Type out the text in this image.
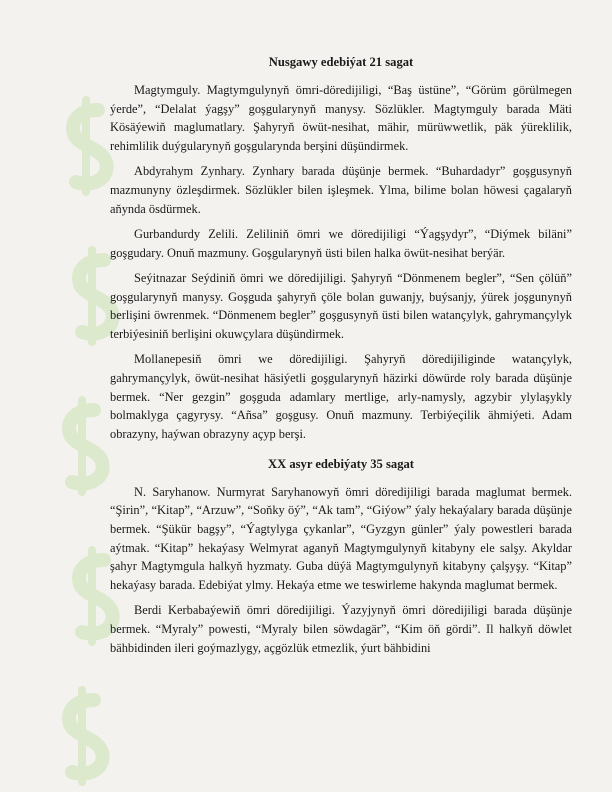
Nusgawy edebiýat 21 sagat

Magtymguly. Magtymgulynyň ömri-döredijiligi, “Baş üstüne”, “Görüm görülmegen ýerde”, “Delalat ýagşy” goşgularynyň manysy. Sözlükler. Magtymguly barada Mäti Kösäýewiň maglumatlary. Şahyryň öwüt-nesihat, mähir, mürüwwetlik, päk ýüreklilik, rehimlilik duýgularynyň goşgularynda berşini düşündirmek.

Abdyrahym Zynhary. Zynhary barada düşünje bermek. “Buhardadyr” goşgusynyň mazmunyny özleşdirmek. Sözlükler bilen işleşmek. Ylma, bilime bolan höwesi çagalaryň aňynda ösdürmek.

Gurbandurdy Zelili. Zeliliniň ömri we döredijiligi “Ýagşydyr”, “Diýmek biläni” goşgudary. Onuň mazmuny. Goşgularynyň üsti bilen halka öwüt-nesihat berýär.

Seýitnazar Seýdiniň ömri we döredijiligi. Şahyryň “Dönmenem begler”, “Sen çölüň” goşgularynyň manysy. Goşguda şahyryň çöle bolan guwanjy, buýsanjy, ýürek joşgunynyň berlişini öwrenmek. “Dönmenem begler” goşgusynyň üsti bilen watançylyk, gahrymançylyk terbiýesiniň berlişini okuwçylara düşündirmek.

Mollanepesiň ömri we döredijiligi. Şahyryň döredijiliginde watançylyk, gahrymançylyk, öwüt-nesihat häsiýetli goşgularynyň häzirki döwürde roly barada düşünje bermek. “Ner gezgin” goşguda adamlary mertlige, arly-namysly, agzybir ylylaşykly bolmaklyga çagyrysy. “Añsa” goşgusy. Onuň mazmuny. Terbiýeçilik ähmiýeti. Adam obrazyny, haýwan obrazyny açyp berşi.

XX asyr edebiýaty 35 sagat

N. Saryhanow. Nurmyrat Saryhanowyň ömri döredijiligi barada maglumat bermek. “Şirin”, “Kitap”, “Arzuw”, “Soňky öý”, “Ak tam”, “Giýow” ýaly hekaýalary barada düşünje bermek. “Şükür bagşy”, “Ýagtylyga çykanlar”, “Gyzgyn günler” ýaly powestleri barada aýtmak. “Kitap” hekaýasy Welmyrat aganyň Magtymgulynyň kitabyny ele salşy. Akyldar şahyr Magtymgula halkyň hyzmaty. Guba düýä Magtymgulynyň kitabyny çalşyşy. “Kitap” hekaýasy barada. Edebiýat ylmy. Hekaýa etme we teswirleme hakynda maglumat bermek.

Berdi Kerbabaýewiň ömri döredijiligi. Ýazyjynyň ömri döredijiligi barada düşünje bermek. “Myraly” powesti, “Myraly bilen söwdagär”, “Kim öň gördi”. Il halkyň döwlet bähbidinden ileri goýmazlygy, açgözlük etmezlik, ýurt bähbidini
